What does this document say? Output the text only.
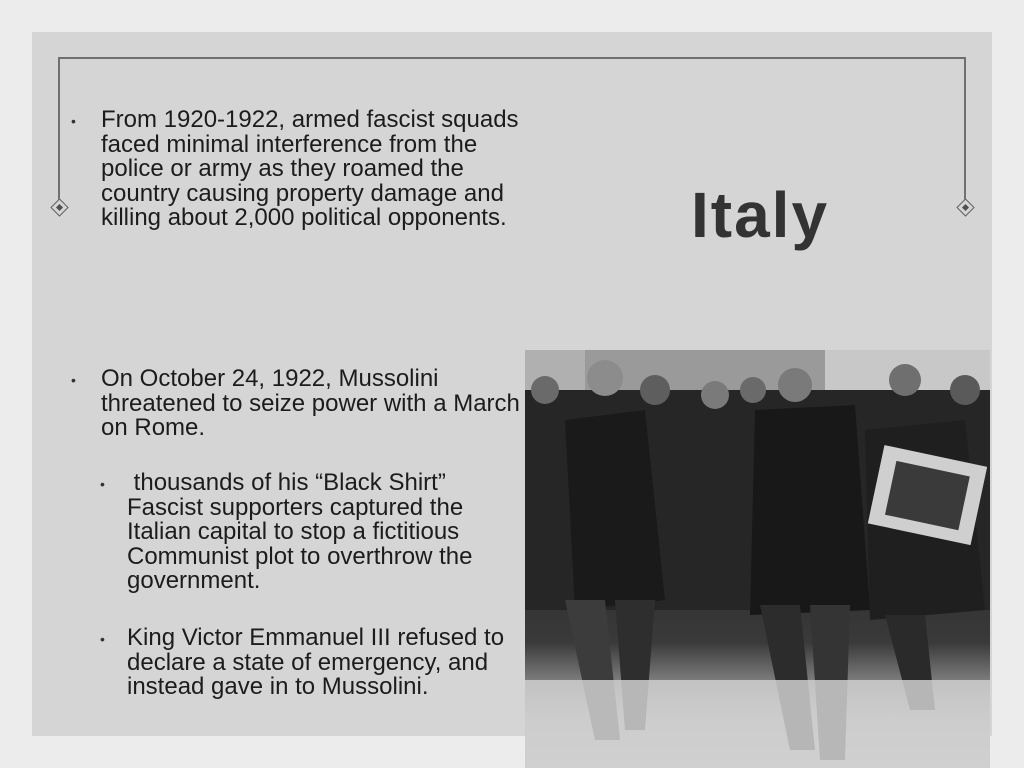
Italy
• From 1920-1922, armed fascist squads faced minimal interference from the police or army as they roamed the country causing property damage and killing about 2,000 political opponents.
• On October 24, 1922, Mussolini threatened to seize power with a March on Rome.
• thousands of his “Black Shirt” Fascist supporters captured the Italian capital to stop a fictitious Communist plot to overthrow the government.
• King Victor Emmanuel III refused to declare a state of emergency, and instead gave in to Mussolini.
